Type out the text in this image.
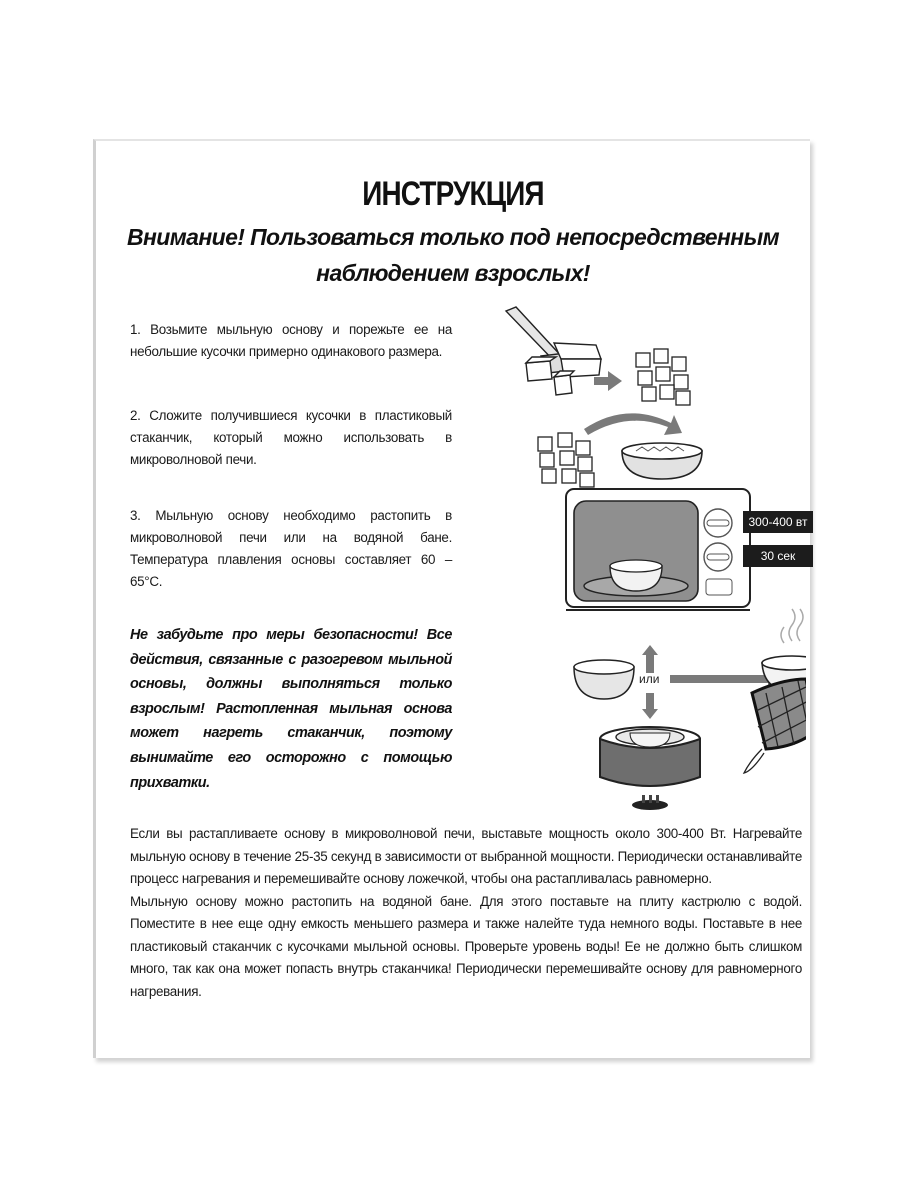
ИНСТРУКЦИЯ
Внимание! Пользоваться только под непосредственным
наблюдением взрослых!
1. Возьмите мыльную основу и порежьте ее на небольшие кусочки примерно одинакового размера.
2. Сложите получившиеся кусочки в пластиковый стаканчик, который можно использовать в микроволновой печи.
3. Мыльную основу необходимо растопить в микроволновой печи или на водяной бане. Температура плавления основы составляет 60 – 65°С.
Не забудьте про меры безопасности! Все действия, связанные с разогревом мыльной основы, должны выполняться только взрослым! Растопленная мыльная основа может нагреть стаканчик, поэтому вынимайте его осторожно с помощью прихватки.
300-400 вт
30 сек
или

Если вы растапливаете основу в микроволновой печи, выставьте мощность около 300-400 Вт. Нагревайте мыльную основу в течение 25-35 секунд в зависимости от выбранной мощности. Периодически останавливайте процесс нагревания и перемешивайте основу ложечкой, чтобы она растапливалась равномерно.

Мыльную основу можно растопить на водяной бане. Для этого поставьте на плиту кастрюлю с водой. Поместите в нее еще одну емкость меньшего размера и также налейте туда немного воды. Поставьте в нее пластиковый стаканчик с кусочками мыльной основы. Проверьте уровень воды! Ее не должно быть слишком много, так как она может попасть внутрь стаканчика! Периодически перемешивайте основу для равномерного нагревания.
